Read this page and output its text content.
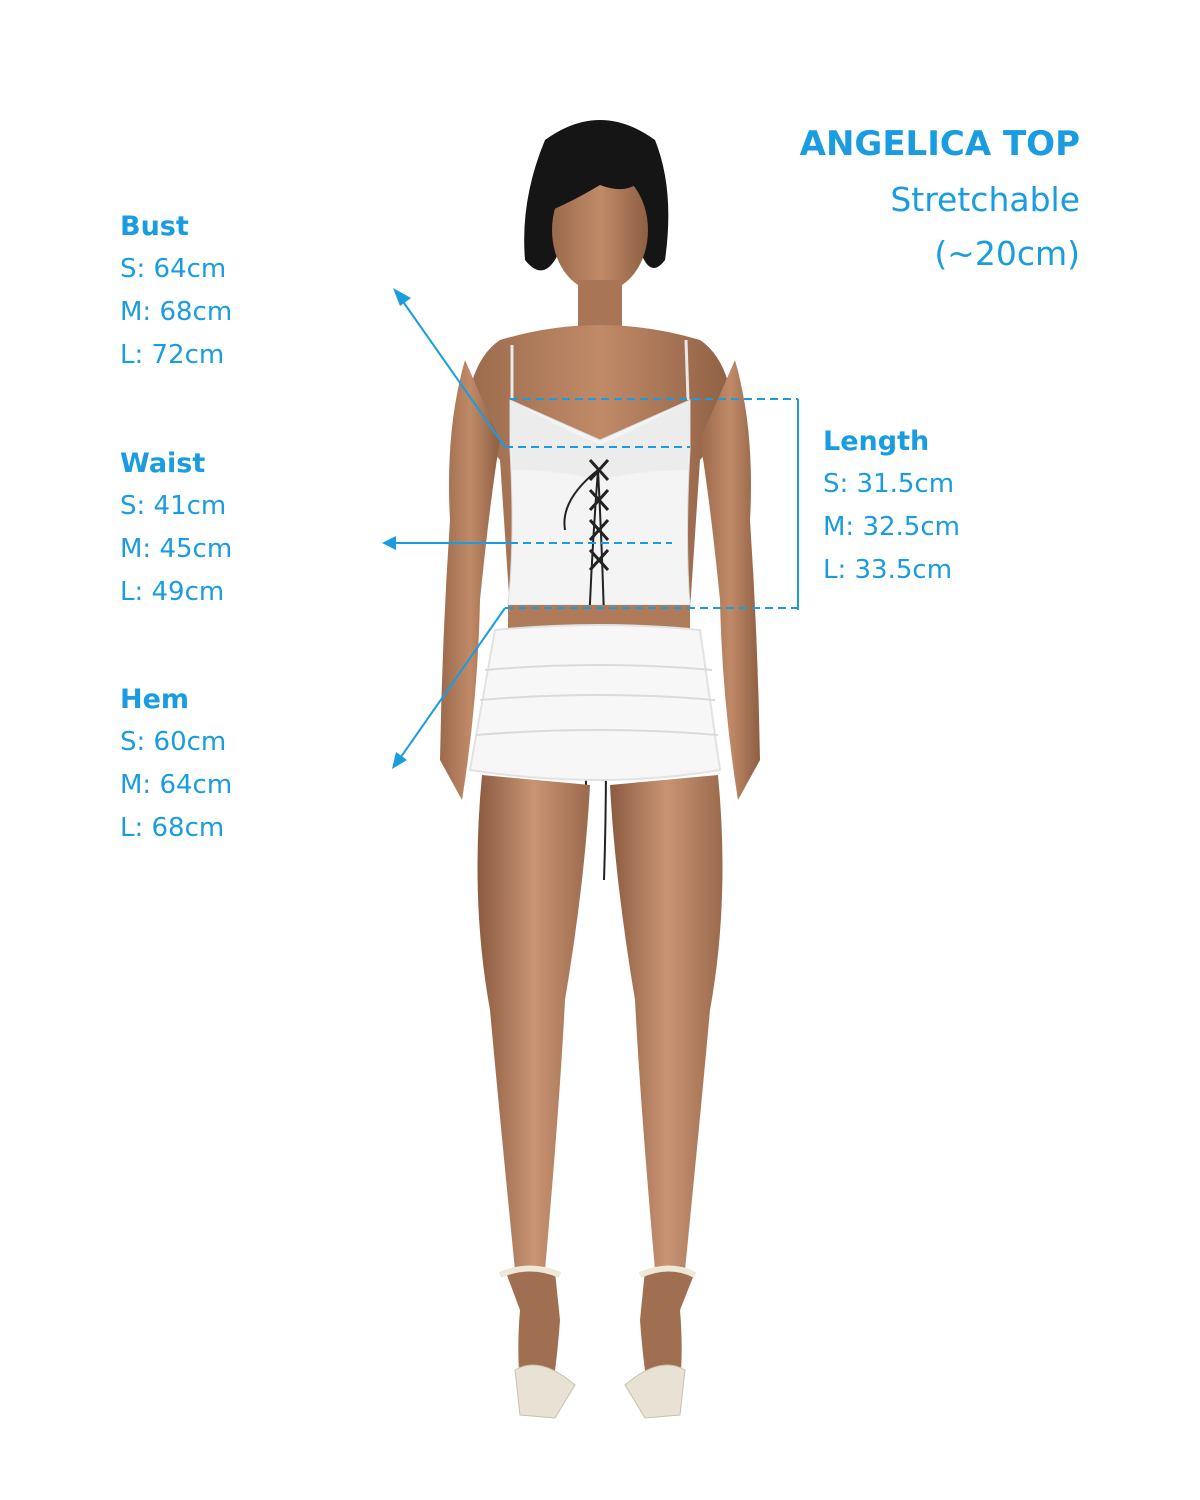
ANGELICA TOP

Stretchable

(~20cm)

Bust
S: 64cm
M: 68cm
L: 72cm
Waist
S: 41cm
M: 45cm
L: 49cm
Hem
S: 60cm
M: 64cm
L: 68cm
Length
S: 31.5cm
M: 32.5cm
L: 33.5cm
